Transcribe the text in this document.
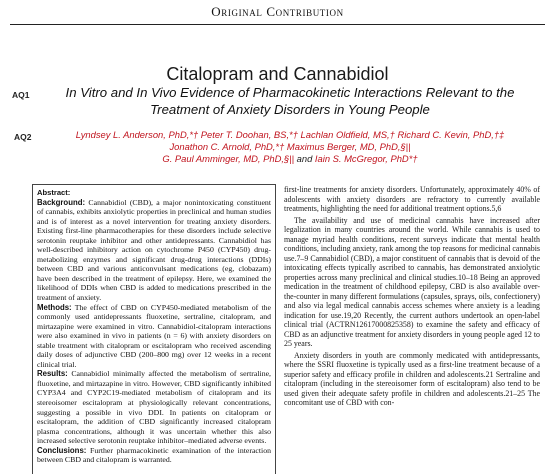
Original Contribution
Citalopram and Cannabidiol
AQ1	In Vitro and In Vivo Evidence of Pharmacokinetic Interactions Relevant to the Treatment of Anxiety Disorders in Young People
AQ2	Lyndsey L. Anderson, PhD,*† Peter T. Doohan, BS,*† Lachlan Oldfield, MS,† Richard C. Kevin, PhD,†‡
Jonathon C. Arnold, PhD,*† Maximus Berger, MD, PhD,§||
G. Paul Amminger, MD, PhD,§|| and Iain S. McGregor, PhD*†
Abstract:

Background: Cannabidiol (CBD), a major nonintoxicating constituent of cannabis, exhibits anxiolytic properties in preclinical and human studies and is of interest as a novel intervention for treating anxiety disorders. Existing first-line pharmacotherapies for these disorders include selective serotonin reuptake inhibitor and other antidepressants. Cannabidiol has well-described inhibitory action on cytochrome P450 (CYP450) drug-metabolizing enzymes and significant drug-drug interactions (DDIs) between CBD and various anticonvulsant medications (eg, clobazam) have been described in the treatment of epilepsy. Here, we examined the likelihood of DDIs when CBD is added to medications prescribed in the treatment of anxiety.

Methods: The effect of CBD on CYP450-mediated metabolism of the commonly used antidepressants fluoxetine, sertraline, citalopram, and mirtazapine were examined in vitro. Cannabidiol-citalopram interactions were also examined in vivo in patients (n = 6) with anxiety disorders on stable treatment with citalopram or escitalopram who received ascending daily doses of adjunctive CBD (200–800 mg) over 12 weeks in a recent clinical trial.

Results: Cannabidiol minimally affected the metabolism of sertraline, fluoxetine, and mirtazapine in vitro. However, CBD significantly inhibited CYP3A4 and CYP2C19-mediated metabolism of citalopram and its stereoisomer escitalopram at physiologically relevant concentrations, suggesting a possible in vivo DDI. In patients on citalopram or escitalopram, the addition of CBD significantly increased citalopram plasma concentrations, although it was uncertain whether this also increased selective serotonin reuptake inhibitor–mediated adverse events.

Conclusions: Further pharmacokinetic examination of the interaction between CBD and citalopram is warranted.

first-line treatments for anxiety disorders. Unfortunately, approximately 40% of adolescents with anxiety disorders are refractory to currently available treatments, highlighting the need for additional treatment options.5,6

The availability and use of medicinal cannabis have increased after legalization in many countries around the world. While cannabis is used to manage myriad health conditions, recent surveys indicate that mental health conditions, including anxiety, rank among the top reasons for medicinal cannabis use.7–9 Cannabidiol (CBD), a major constituent of cannabis that is devoid of the intoxicating effects typically ascribed to cannabis, has demonstrated anxiolytic properties across many preclinical and clinical studies.10–18 Being an approved medication in the treatment of childhood epilepsy, CBD is also available over-the-counter in many different formulations (capsules, sprays, oils, confectionery) and also via legal medical cannabis access schemes where anxiety is a leading indication for use.19,20 Recently, the current authors undertook an open-label clinical trial (ACTRN12617000825358) to examine the safety and efficacy of CBD as an adjunctive treatment for anxiety disorders in young people aged 12 to 25 years.

Anxiety disorders in youth are commonly medicated with antidepressants, where the SSRI fluoxetine is typically used as a first-line treatment because of a superior safety and efficacy profile in children and adolescents.21 Sertraline and citalopram (including in the stereoisomer form of escitalopram) also tend to be used given their adequate safety profile in children and adolescents.21–25 The concomitant use of CBD with con-
